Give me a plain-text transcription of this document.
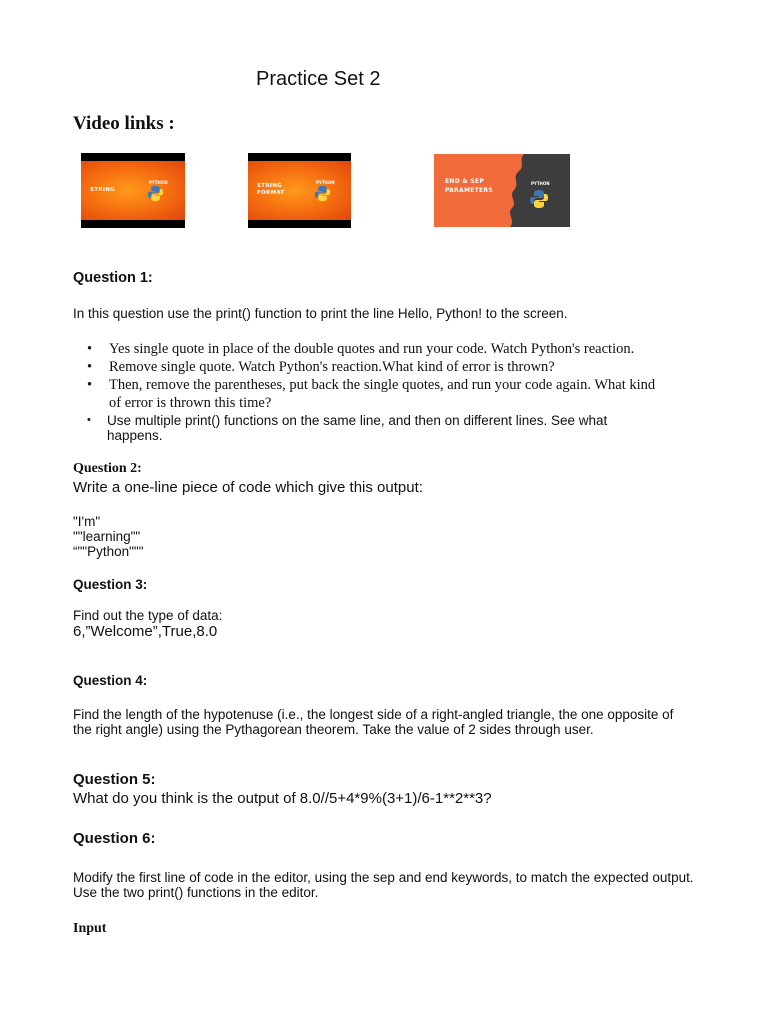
Practice Set 2
Video links :
STRING
PYTHON
STRING
FORMAT
PYTHON	END & SEP
PARAMETERS
PYTHON
Question 1:
In this question use the print() function to print the line Hello, Python! to the screen.
• Yes single quote in place of the double quotes and run your code. Watch Python's reaction.
• Remove single quote. Watch Python's reaction.What kind of error is thrown?
• Then, remove the parentheses, put back the single quotes, and run your code again. What kind of error is thrown this time?
• Use multiple print() functions on the same line, and then on different lines. See what happens.
Question 2:
Write a one-line piece of code which give this output:
"I'm"
""learning""
“""Python"""
Question 3:
Find out the type of data:
6,”Welcome”,True,8.0
Question 4:
Find the length of the hypotenuse (i.e., the longest side of a right-angled triangle, the one opposite of the right angle) using the Pythagorean theorem. Take the value of 2 sides through user.
Question 5:
What do you think is the output of 8.0//5+4*9%(3+1)/6-1**2**3?
Question 6:
Modify the first line of code in the editor, using the sep and end keywords, to match the expected output. Use the two print() functions in the editor.
Input
